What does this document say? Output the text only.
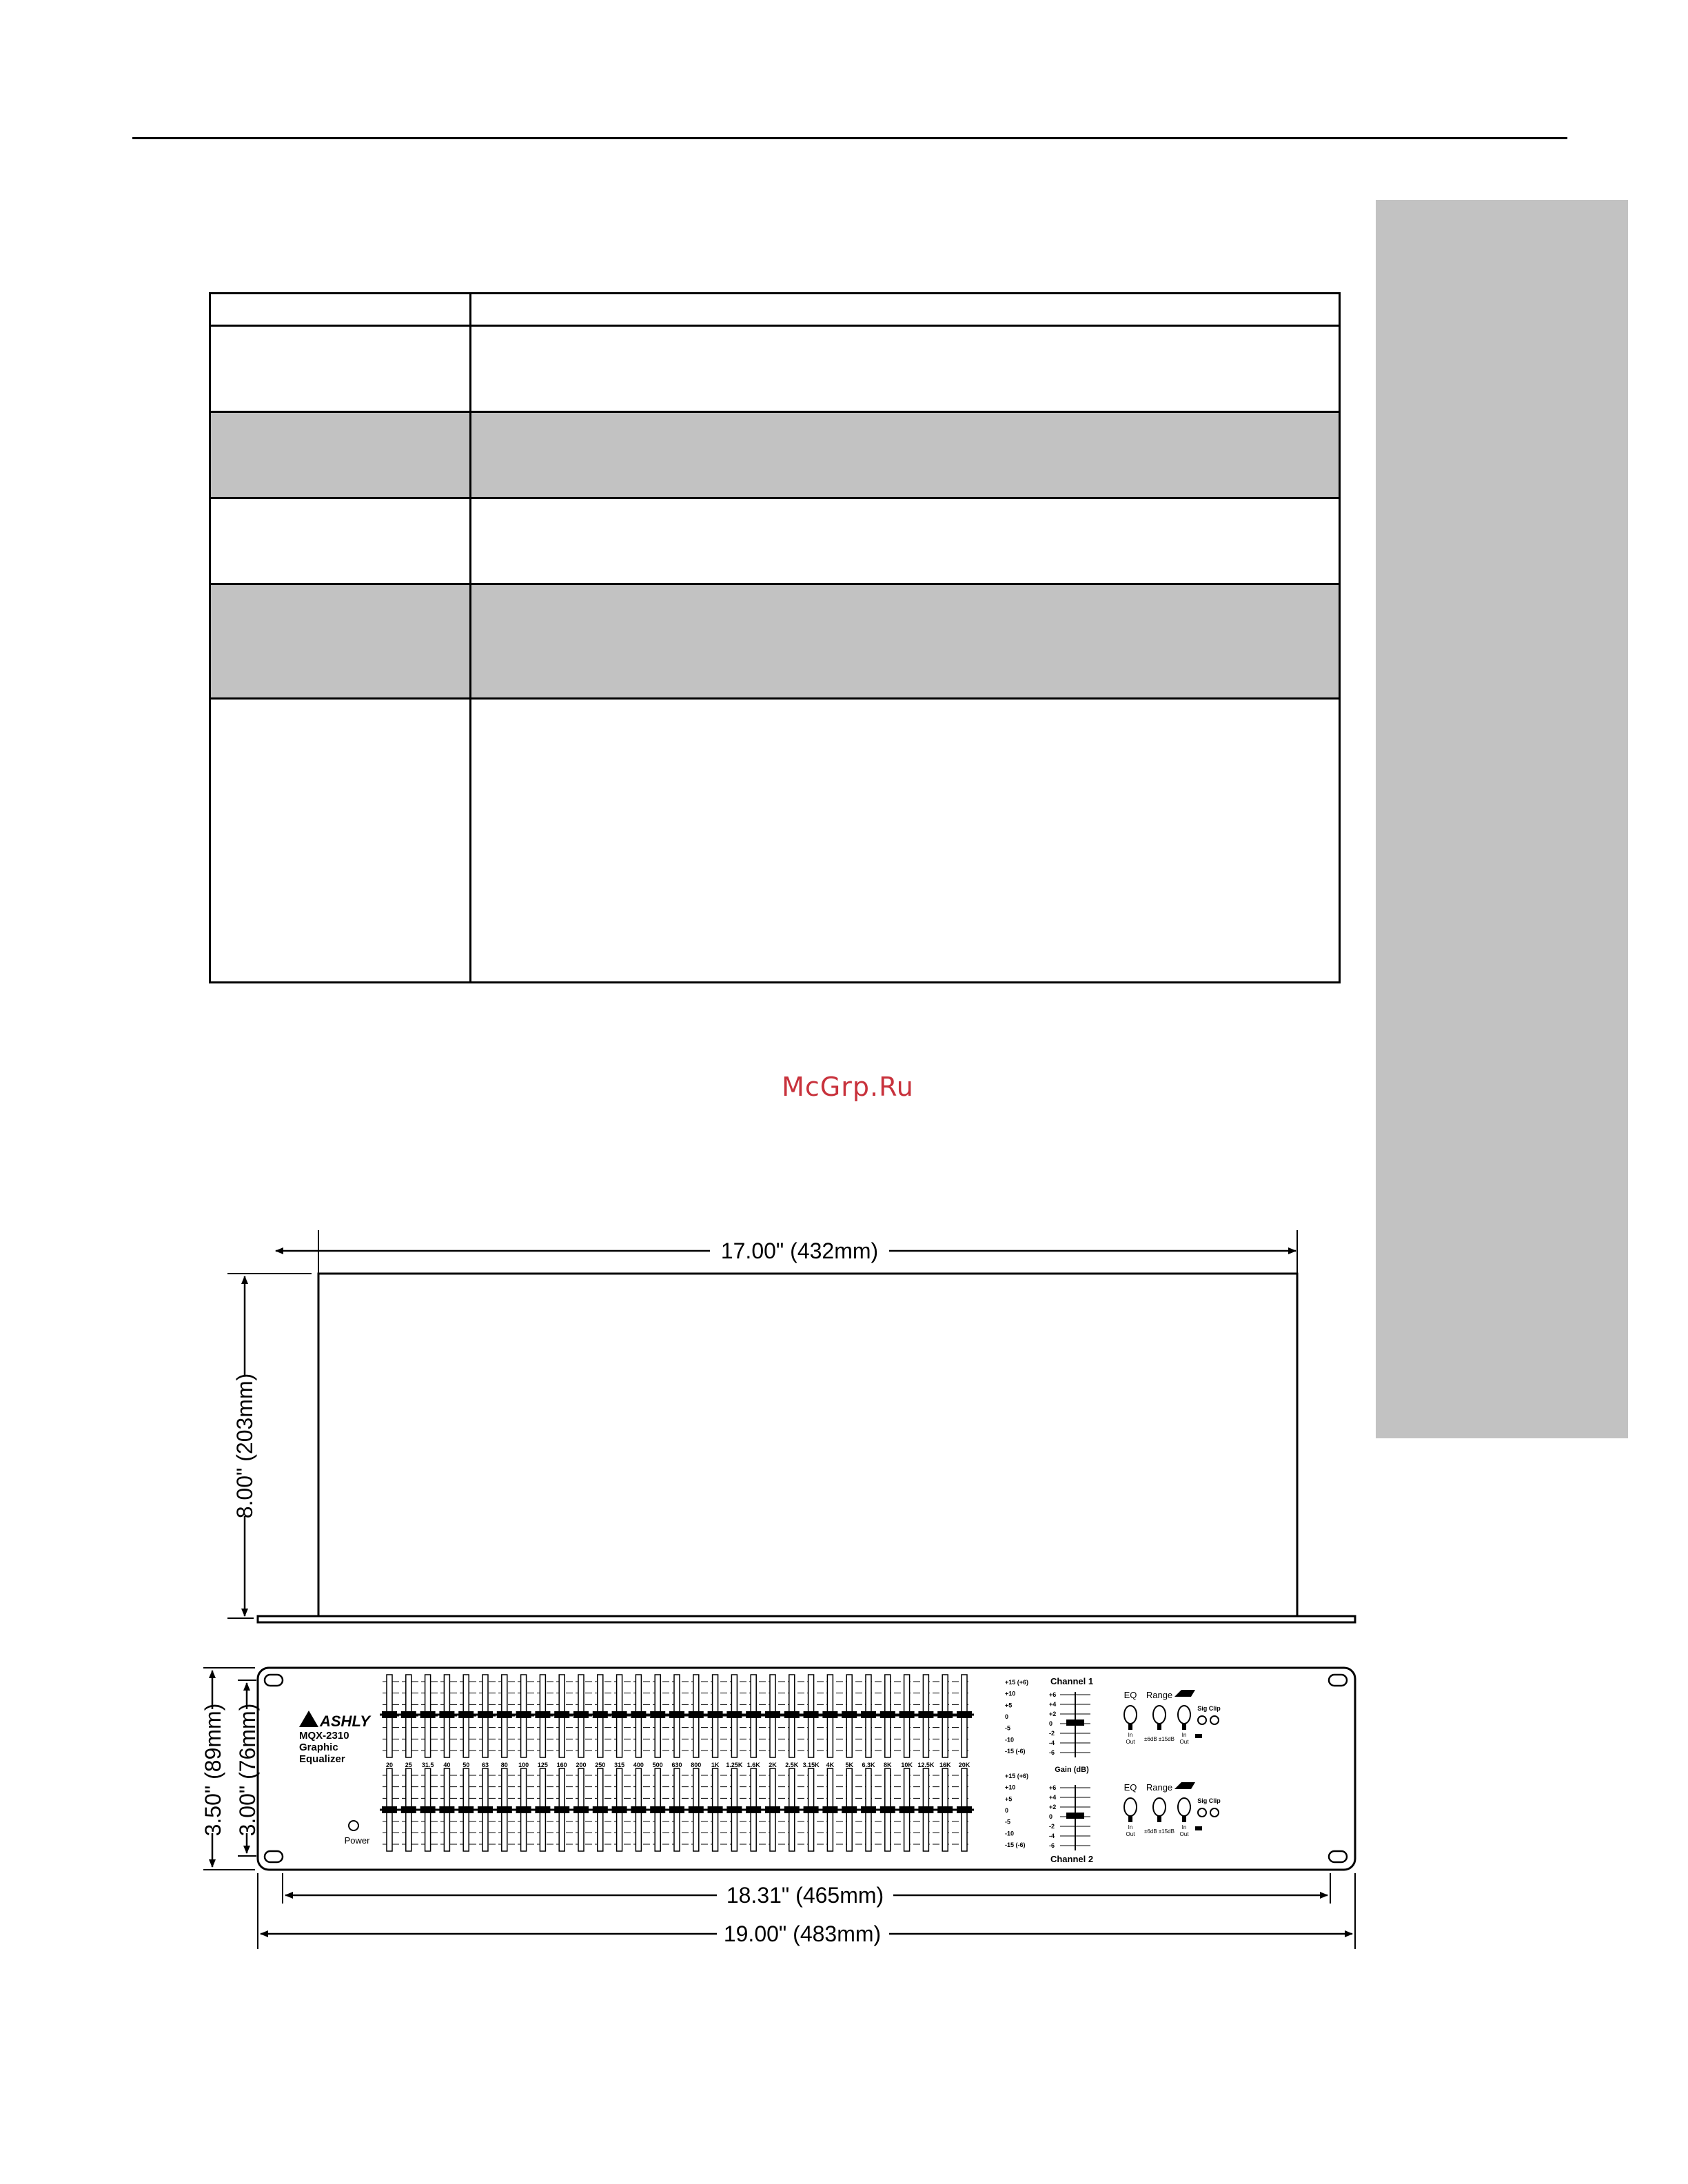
McGrp.Ru
17.00" (432mm)
8.00" (203mm)
ASHLY
MQX-2310
Graphic
Equalizer
Power
+15 (+6)
+10
+5
0
-5
-10
-15 (-6)
+15 (+6)
+10
+5
0
-5
-10
-15 (-6)
20 25 31.5 40 50 63 80 100 125 160 200 250 315 400 500 630 800 1K 1.25K 1.6K 2K 2.5K 3.15K 4K 5K 6.3K 8K 10K 12.5K 16K 20K
Channel 1
Gain (dB)
Channel 2
+6
+4
+2
0
-2
-4
-6
+6
+4
+2
0
-2
-4
-6
EQ
In
Out
Range
±6dB ±15dB
In
Out
Sig Clip
EQ
In
Out
Range
±6dB ±15dB
In
Out
Sig Clip
3.50" (89mm) 3.00" (76mm)
18.31" (465mm)
19.00" (483mm)
